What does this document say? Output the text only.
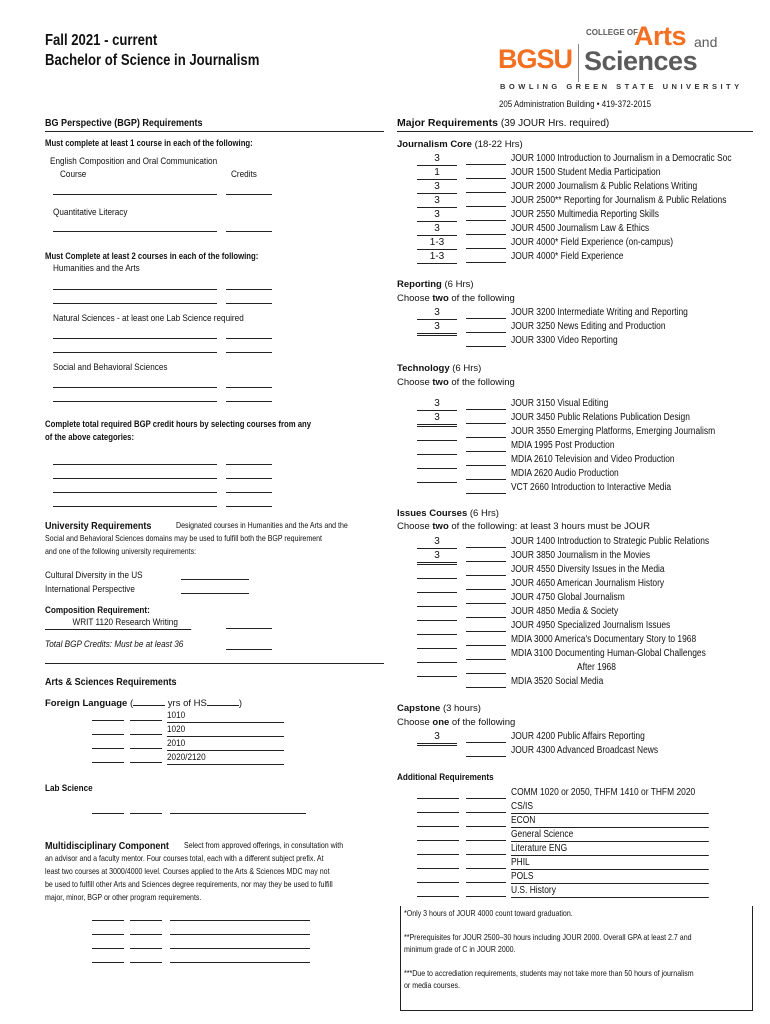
Fall 2021 - current
Bachelor of Science in Journalism	BGSU
COLLEGE OF
Arts and
Sciences
BOWLING GREEN STATE UNIVERSITY
205 Administration Building • 419-372-2015
BG Perspective (BGP) Requirements
Must complete at least 1 course in each of the following:
English Composition and Oral Communication
Course	Credits
Quantitative Literacy
Must Complete at least 2 courses in each of the following:
Humanities and the Arts
Natural Sciences - at least one Lab Science required
Social and Behavioral Sciences
Complete total required BGP credit hours by selecting courses from any
of the above categories:
University Requirements	Designated courses in Humanities and the Arts and the
Social and Behavioral Sciences domains may be used to fulfill both the BGP requirement
and one of the following university requirements:
Cultural Diversity in the US
International Perspective
Composition Requirement:
WRIT 1120 Research Writing
Total BGP Credits: Must be at least 36
Arts & Sciences Requirements
Foreign Language (	yrs of HS	)
1010
1020
2010
2020/2120
Lab Science
Multidisciplinary Component Select from approved offerings, in consultation with
an advisor and a faculty mentor. Four courses total, each with a different subject prefix. At
least two courses at 3000/4000 level. Courses applied to the Arts & Sciences MDC may not
be used to fulfill other Arts and Sciences degree requirements, nor may they be used to fulfill
major, minor, BGP or other program requirements.
Major Requirements (39 JOUR Hrs. required)
Journalism Core (18-22 Hrs)
3	JOUR 1000 Introduction to Journalism in a Democratic Soc
1	JOUR 1500 Student Media Participation
3	JOUR 2000 Journalism & Public Relations Writing
3	JOUR 2500** Reporting for Journalism & Public Relations
3	JOUR 2550 Multimedia Reporting Skills
3	JOUR 4500 Journalism Law & Ethics
1-3	JOUR 4000* Field Experience (on-campus)
1-3	JOUR 4000* Field Experience
Reporting (6 Hrs)
Choose two of the following
3	JOUR 3200 Intermediate Writing and Reporting
3	JOUR 3250 News Editing and Production
JOUR 3300 Video Reporting
Technology (6 Hrs)
Choose two of the following
3	JOUR 3150 Visual Editing
3	JOUR 3450 Public Relations Publication Design
JOUR 3550 Emerging Platforms, Emerging Journalism
MDIA 1995 Post Production
MDIA 2610 Television and Video Production
MDIA 2620 Audio Production
VCT 2660 Introduction to Interactive Media
Issues Courses (6 Hrs)
Choose two of the following: at least 3 hours must be JOUR
3	JOUR 1400 Introduction to Strategic Public Relations
3	JOUR 3850 Journalism in the Movies
JOUR 4550 Diversity Issues in the Media
JOUR 4650 American Journalism History
JOUR 4750 Global Journalism
JOUR 4850 Media & Society
JOUR 4950 Specialized Journalism Issues
MDIA 3000 America's Documentary Story to 1968
MDIA 3100 Documenting Human-Global Challenges
After 1968
MDIA 3520 Social Media
Capstone (3 hours)
Choose one of the following
3	JOUR 4200 Public Affairs Reporting
JOUR 4300 Advanced Broadcast News
Additional Requirements
COMM 1020 or 2050, THFM 1410 or THFM 2020
CS/IS
ECON
General Science
Literature ENG
PHIL
POLS
U.S. History
*Only 3 hours of JOUR 4000 count toward graduation.
**Prerequisites for JOUR 2500–30 hours including JOUR 2000. Overall GPA at least 2.7 and
minimum grade of C in JOUR 2000.
***Due to accrediation requirements, students may not take more than 50 hours of journalism
or media courses.
